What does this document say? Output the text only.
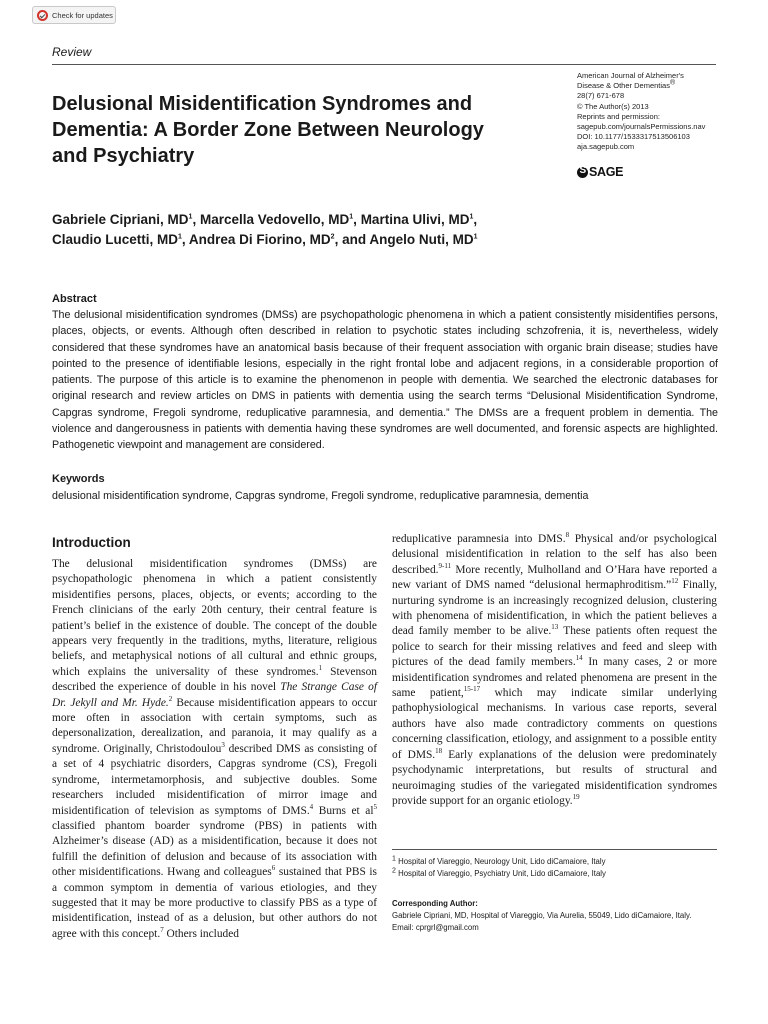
Check for updates
Review
Delusional Misidentification Syndromes and Dementia: A Border Zone Between Neurology and Psychiatry
American Journal of Alzheimer's
Disease & Other Dementias®
28(7) 671-678
© The Author(s) 2013
Reprints and permission:
sagepub.com/journalsPermissions.nav
DOI: 10.1177/1533317513506103
aja.sagepub.com
S
SAGE
Gabriele Cipriani, $MD^1$, Marcella Vedovello, $MD^1$, Martina Ulivi, $MD^1$,
Claudio Lucetti, $MD^1$, Andrea Di Fiorino, $MD^2$, and Angelo Nuti, $MD^1$
Abstract
The delusional misidentification syndromes (DMSs) are psychopathologic phenomena in which a patient consistently misidentifies persons, places, objects, or events. Although often described in relation to psychotic states including schzofrenia, it is, nevertheless, widely considered that these syndromes have an anatomical basis because of their frequent association with organic brain disease; studies have pointed to the presence of identifiable lesions, especially in the right frontal lobe and adjacent regions, in a considerable proportion of patients. The purpose of this article is to examine the phenomenon in people with dementia. We searched the electronic databases for original research and review articles on DMS in patients with dementia using the search terms “Delusional Misidentification Syndrome, Capgras syndrome, Fregoli syndrome, reduplicative paramnesia, and dementia.” The DMSs are a frequent problem in dementia. The violence and dangerousness in patients with dementia having these syndromes are well documented, and forensic aspects are highlighted. Pathogenetic viewpoint and management are considered.
Keywords
delusional misidentification syndrome, Capgras syndrome, Fregoli syndrome, reduplicative paramnesia, dementia
Introduction
The delusional misidentification syndromes (DMSs) are psychopathologic phenomena in which a patient consistently misidentifies persons, places, objects, or events; according to the French clinicians of the early 20th century, their central feature is patient’s belief in the existence of double. The concept of the double appears very frequently in the traditions, myths, literature, religious beliefs, and metaphysical notions of all cultural and ethnic groups, which explains the universality of these syndromes.$^1$ Stevenson described the experience of double in his novel The Strange Case of Dr. Jekyll and Mr. Hyde.$^2$ Because misidentification appears to occur more often in association with certain symptoms, such as depersonalization, derealization, and paranoia, it may qualify as a syndrome. Originally, Christodoulou$^3$ described DMS as consisting of a set of 4 psychiatric disorders, Capgras syndrome (CS), Fregoli syndrome, intermetamorphosis, and subjective doubles. Some researchers included misidentification of mirror image and misidentification of television as symptoms of DMS.$^4$ Burns et $al^5$ classified phantom boarder syndrome (PBS) in patients with Alzheimer’s disease (AD) as a misidentification, because it does not fulfill the definition of delusion and because of its association with other misidentifications. Hwang and colleagues$^6$ sustained that PBS is a common symptom in dementia of various etiologies, and they suggested that it may be more productive to classify PBS as a type of misidentification, instead of as a delusion, but other authors do not agree with this concept.$^7$ Others included
reduplicative paramnesia into DMS.$^8$ Physical and/or psychological delusional misidentification in relation to the self has also been described.$^{9-11}$ More recently, Mulholland and O’Hara have reported a new variant of DMS named “delusional hermaphroditism.”$^{12}$ Finally, nurturing syndrome is an increasingly recognized delusion, clustering with phenomena of misidentification, in which the patient believes a dead family member to be alive.$^{13}$ These patients often request the police to search for their missing relatives and feed and sleep with pictures of the dead family members.$^{14}$ In many cases, 2 or more misidentification syndromes and related phenomena are present in the same patient,$^{15-17}$ which may indicate similar underlying pathophysiological mechanisms. In various case reports, several authors have also made contradictory comments on questions concerning classification, etiology, and assignment to a possible entity of DMS.$^{18}$ Early explanations of the delusion were predominately psychodynamic interpretations, but results of structural and neuroimaging studies of the variegated misidentification syndromes provide support for an organic etiology.$^{19}$
$^1$ Hospital of Viareggio, Neurology Unit, Lido diCamaiore, Italy
$^2$ Hospital of Viareggio, Psychiatry Unit, Lido diCamaiore, Italy
Corresponding Author:
Gabriele Cipriani, MD, Hospital of Viareggio, Via Aurelia, 55049, Lido diCamaiore, Italy.
Email: cprgrl@gmail.com
